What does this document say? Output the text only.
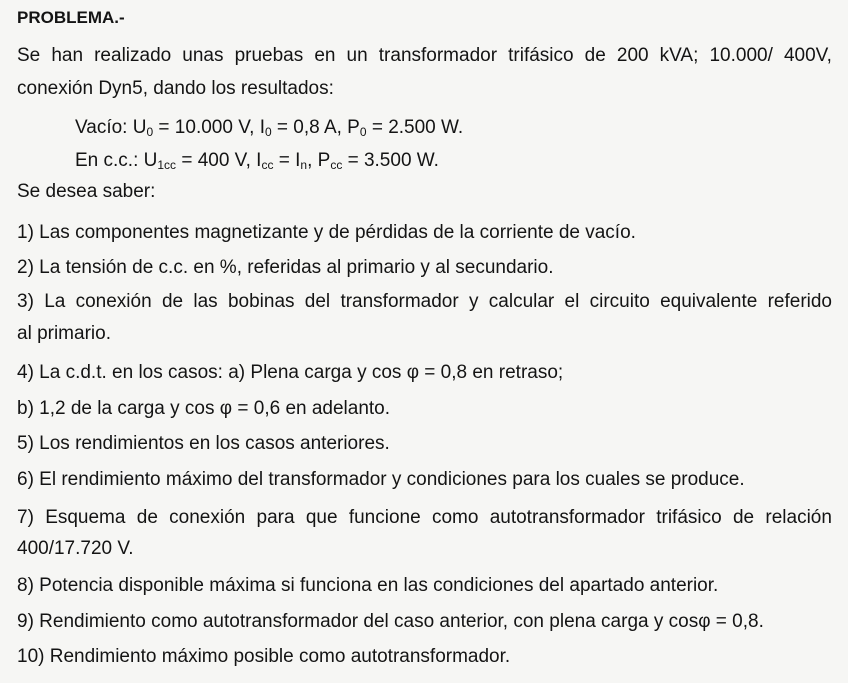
PROBLEMA.-
Se han realizado unas pruebas en un transformador trifásico de 200 kVA; 10.000/ 400V,
conexión Dyn5, dando los resultados:
Vacío: $U_0 = 10.000$ V, $I_0 = 0,8$ A, $P_0 = 2.500$ W.
En c.c.: $U_{1cc} = 400$ V, $I_{cc} = I_n$, $P_{cc} = 3.500$ W.
Se desea saber:
1) Las componentes magnetizante y de pérdidas de la corriente de vacío.
2) La tensión de c.c. en %, referidas al primario y al secundario.
3) La conexión de las bobinas del transformador y calcular el circuito equivalente referido
al primario.
4) La c.d.t. en los casos: a) Plena carga y cos φ = 0,8 en retraso;
b) 1,2 de la carga y cos φ = 0,6 en adelanto.
5) Los rendimientos en los casos anteriores.
6) El rendimiento máximo del transformador y condiciones para los cuales se produce.
7) Esquema de conexión para que funcione como autotransformador trifásico de relación
400/17.720 V.
8) Potencia disponible máxima si funciona en las condiciones del apartado anterior.
9) Rendimiento como autotransformador del caso anterior, con plena carga y cosφ = 0,8.
10) Rendimiento máximo posible como autotransformador.
